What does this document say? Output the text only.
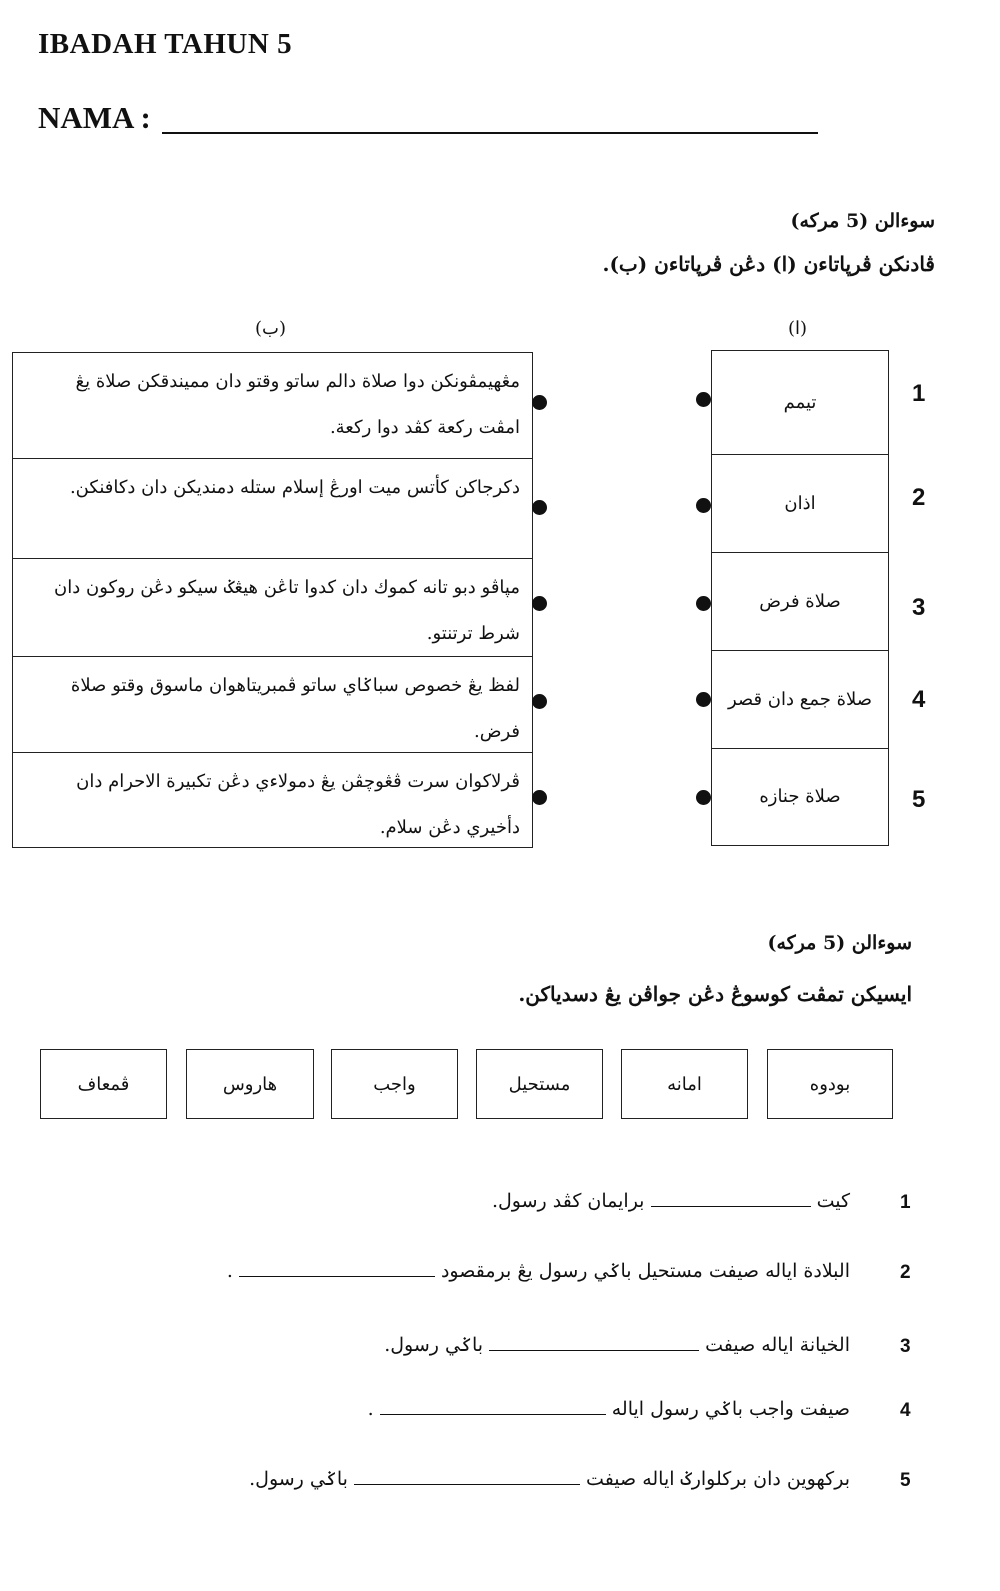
IBADAH TAHUN 5
NAMA :
سوءالن (5 مركه)
ڤادنكن ڤرڽاتاءن (ا) دڠن ڤرڽاتاءن (ب).
(ب)	(ا)
مڠهيمڤونكن دوا صلاة دالم ساتو وقتو دان مميندقكن صلاة يڠ امڤت ركعة كڤد دوا ركعة.
دكرجاكن كأتس ميت اورڠ إسلام ستله دمنديكن دان دكافنكن.
مڽاڤو دبو تانه كموك دان كدوا تاڠن هيڠݢ سيكو دڠن روكون دان شرط ترتنتو.
لفظ يڠ خصوص سباݢاي ساتو ڤمبريتاهوان ماسوق وقتو صلاة فرض.
ڤرلاكوان سرت ڤڠوچڤن يڠ دمولاءي دڠن تكبيرة الاحرام دان دأخيري دڠن سلام.
تيمم
اذان
صلاة فرض
صلاة جمع دان قصر
صلاة جنازه
1
2
3
4
5
سوءالن (5 مركه)
ايسيكن تمڤت كوسوڠ دڠن جواڤن يڠ دسدياكن.
بودوه
امانه
مستحيل
واجب
هاروس
ڤمعاف
1
كيت  برايمان كڤد رسول.
2
البلادة اياله صيفت مستحيل باݢي رسول يڠ برمقصود  .
3
الخيانة اياله صيفت  باݢي رسول.
4
صيفت واجب باݢي رسول اياله  .
5
بركهوين دان بركلوارݢ اياله صيفت  باݢي رسول.
